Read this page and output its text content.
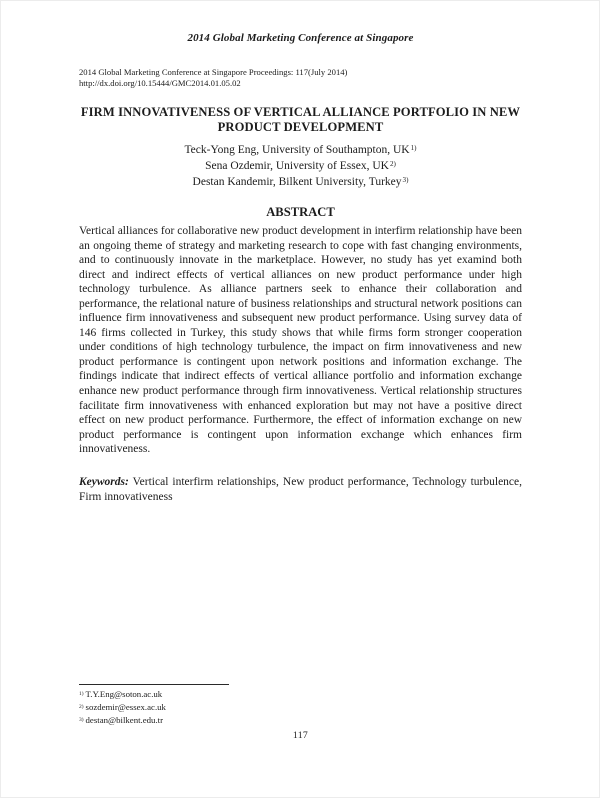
2014 Global Marketing Conference at Singapore
2014 Global Marketing Conference at Singapore Proceedings: 117(July 2014)
http://dx.doi.org/10.15444/GMC2014.01.05.02
FIRM INNOVATIVENESS OF VERTICAL ALLIANCE PORTFOLIO IN NEW PRODUCT DEVELOPMENT
Teck-Yong Eng, University of Southampton, UK$^{1)}$
Sena Ozdemir, University of Essex, UK$^{2)}$
Destan Kandemir, Bilkent University, Turkey$^{3)}$
ABSTRACT
Vertical alliances for collaborative new product development in interfirm relationship have been an ongoing theme of strategy and marketing research to cope with fast changing environments, and to continuously innovate in the marketplace. However, no study has yet examind both direct and indirect effects of vertical alliances on new product performance under high technology turbulence. As alliance partners seek to enhance their collaboration and performance, the relational nature of business relationships and structural network positions can influence firm innovativeness and subsequent new product performance. Using survey data of 146 firms collected in Turkey, this study shows that while firms form stronger cooperation under conditions of high technology turbulence, the impact on firm innovativeness and new product performance is contingent upon network positions and information exchange. The findings indicate that indirect effects of vertical alliance portfolio and information exchange enhance new product performance through firm innovativeness. Vertical relationship structures facilitate firm innovativeness with enhanced exploration but may not have a positive direct effect on new product performance. Furthermore, the effect of information exchange on new product performance is contingent upon information exchange which enhances firm innovativeness.
Keywords: Vertical interfirm relationships, New product performance, Technology turbulence, Firm innovativeness
$^{1)}$ T.Y.Eng@soton.ac.uk
$^{2)}$ sozdemir@essex.ac.uk
$^{3)}$ destan@bilkent.edu.tr
117
